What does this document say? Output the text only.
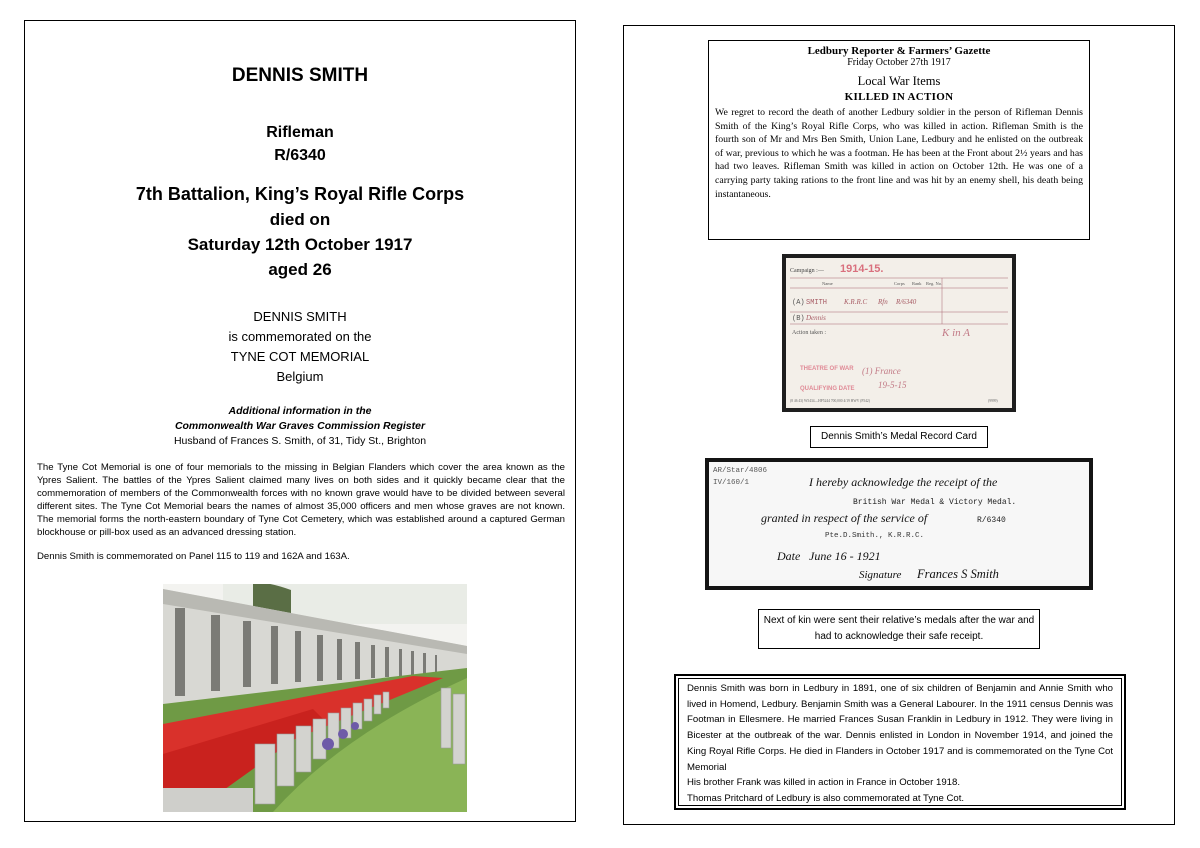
DENNIS SMITH
Rifleman
R/6340
7th Battalion, King’s Royal Rifle Corps
died on
Saturday 12th October 1917
aged 26
DENNIS SMITH
is commemorated on the
TYNE COT MEMORIAL
Belgium
Additional information in the
Commonwealth War Graves Commission Register
Husband of Frances S. Smith, of 31, Tidy St., Brighton
The Tyne Cot Memorial is one of four memorials to the missing in Belgian Flanders which cover the area known as the Ypres Salient. The battles of the Ypres Salient claimed many lives on both sides and it quickly became clear that the commemoration of members of the Commonwealth forces with no known grave would have to be divided between several different sites. The Tyne Cot Memorial bears the names of almost 35,000 officers and men whose graves are not known. The memorial forms the north-eastern boundary of Tyne Cot Cemetery, which was established around a captured German blockhouse or pill-box used as an advanced dressing station.
Dennis Smith is commemorated on Panel 115 to 119 and 162A and 163A.
Ledbury Reporter & Farmers’ Gazette
Friday October 27th 1917
Local War Items
KILLED IN ACTION
We regret to record the death of another Ledbury soldier in the person of Rifleman Dennis Smith of the King’s Royal Rifle Corps, who was killed in action. Rifleman Smith is the fourth son of Mr and Mrs Ben Smith, Union Lane, Ledbury and he enlisted on the outbreak of war, previous to which he was a footman. He has been at the Front about 2½ years and has had two leaves. Rifleman Smith was killed in action on October 12th. He was one of a carrying party taking rations to the front line and was hit by an enemy shell, his death being instantaneous.
Campaign :— 1914-15.
Name	Corps Rank Reg. No.
(A) SMITH K.R.R.C Rfn R/6340
(B) Dennis
Action taken :	K in A
THEATRE OF WAR (1) France
QUALIFYING DATE	19-5-15
(8 46 43) W5434—HP5244 700,000 4/19 HWV (P542)	(9999)
Dennis Smith’s Medal Record Card
AR/Star/4806
IV/160/1	I hereby acknowledge the receipt of the
British War Medal & Victory Medal.
granted in respect of the service of	R/6340
Pte.D.Smith., K.R.R.C.
Date June 16 - 1921
Signature Frances S Smith
Next of kin were sent their relative’s medals after the war and had to acknowledge their safe receipt.

Dennis Smith was born in Ledbury in 1891, one of six children of Benjamin and Annie Smith who lived in Homend, Ledbury. Benjamin Smith was a General Labourer. In the 1911 census Dennis was Footman in Ellesmere. He married Frances Susan Franklin in Ledbury in 1912. They were living in Bicester at the outbreak of the war. Dennis enlisted in London in November 1914, and joined the King Royal Rifle Corps. He died in Flanders in October 1917 and is commemorated on the Tyne Cot Memorial

His brother Frank was killed in action in France in October 1918.

Thomas Pritchard of Ledbury is also commemorated at Tyne Cot.
